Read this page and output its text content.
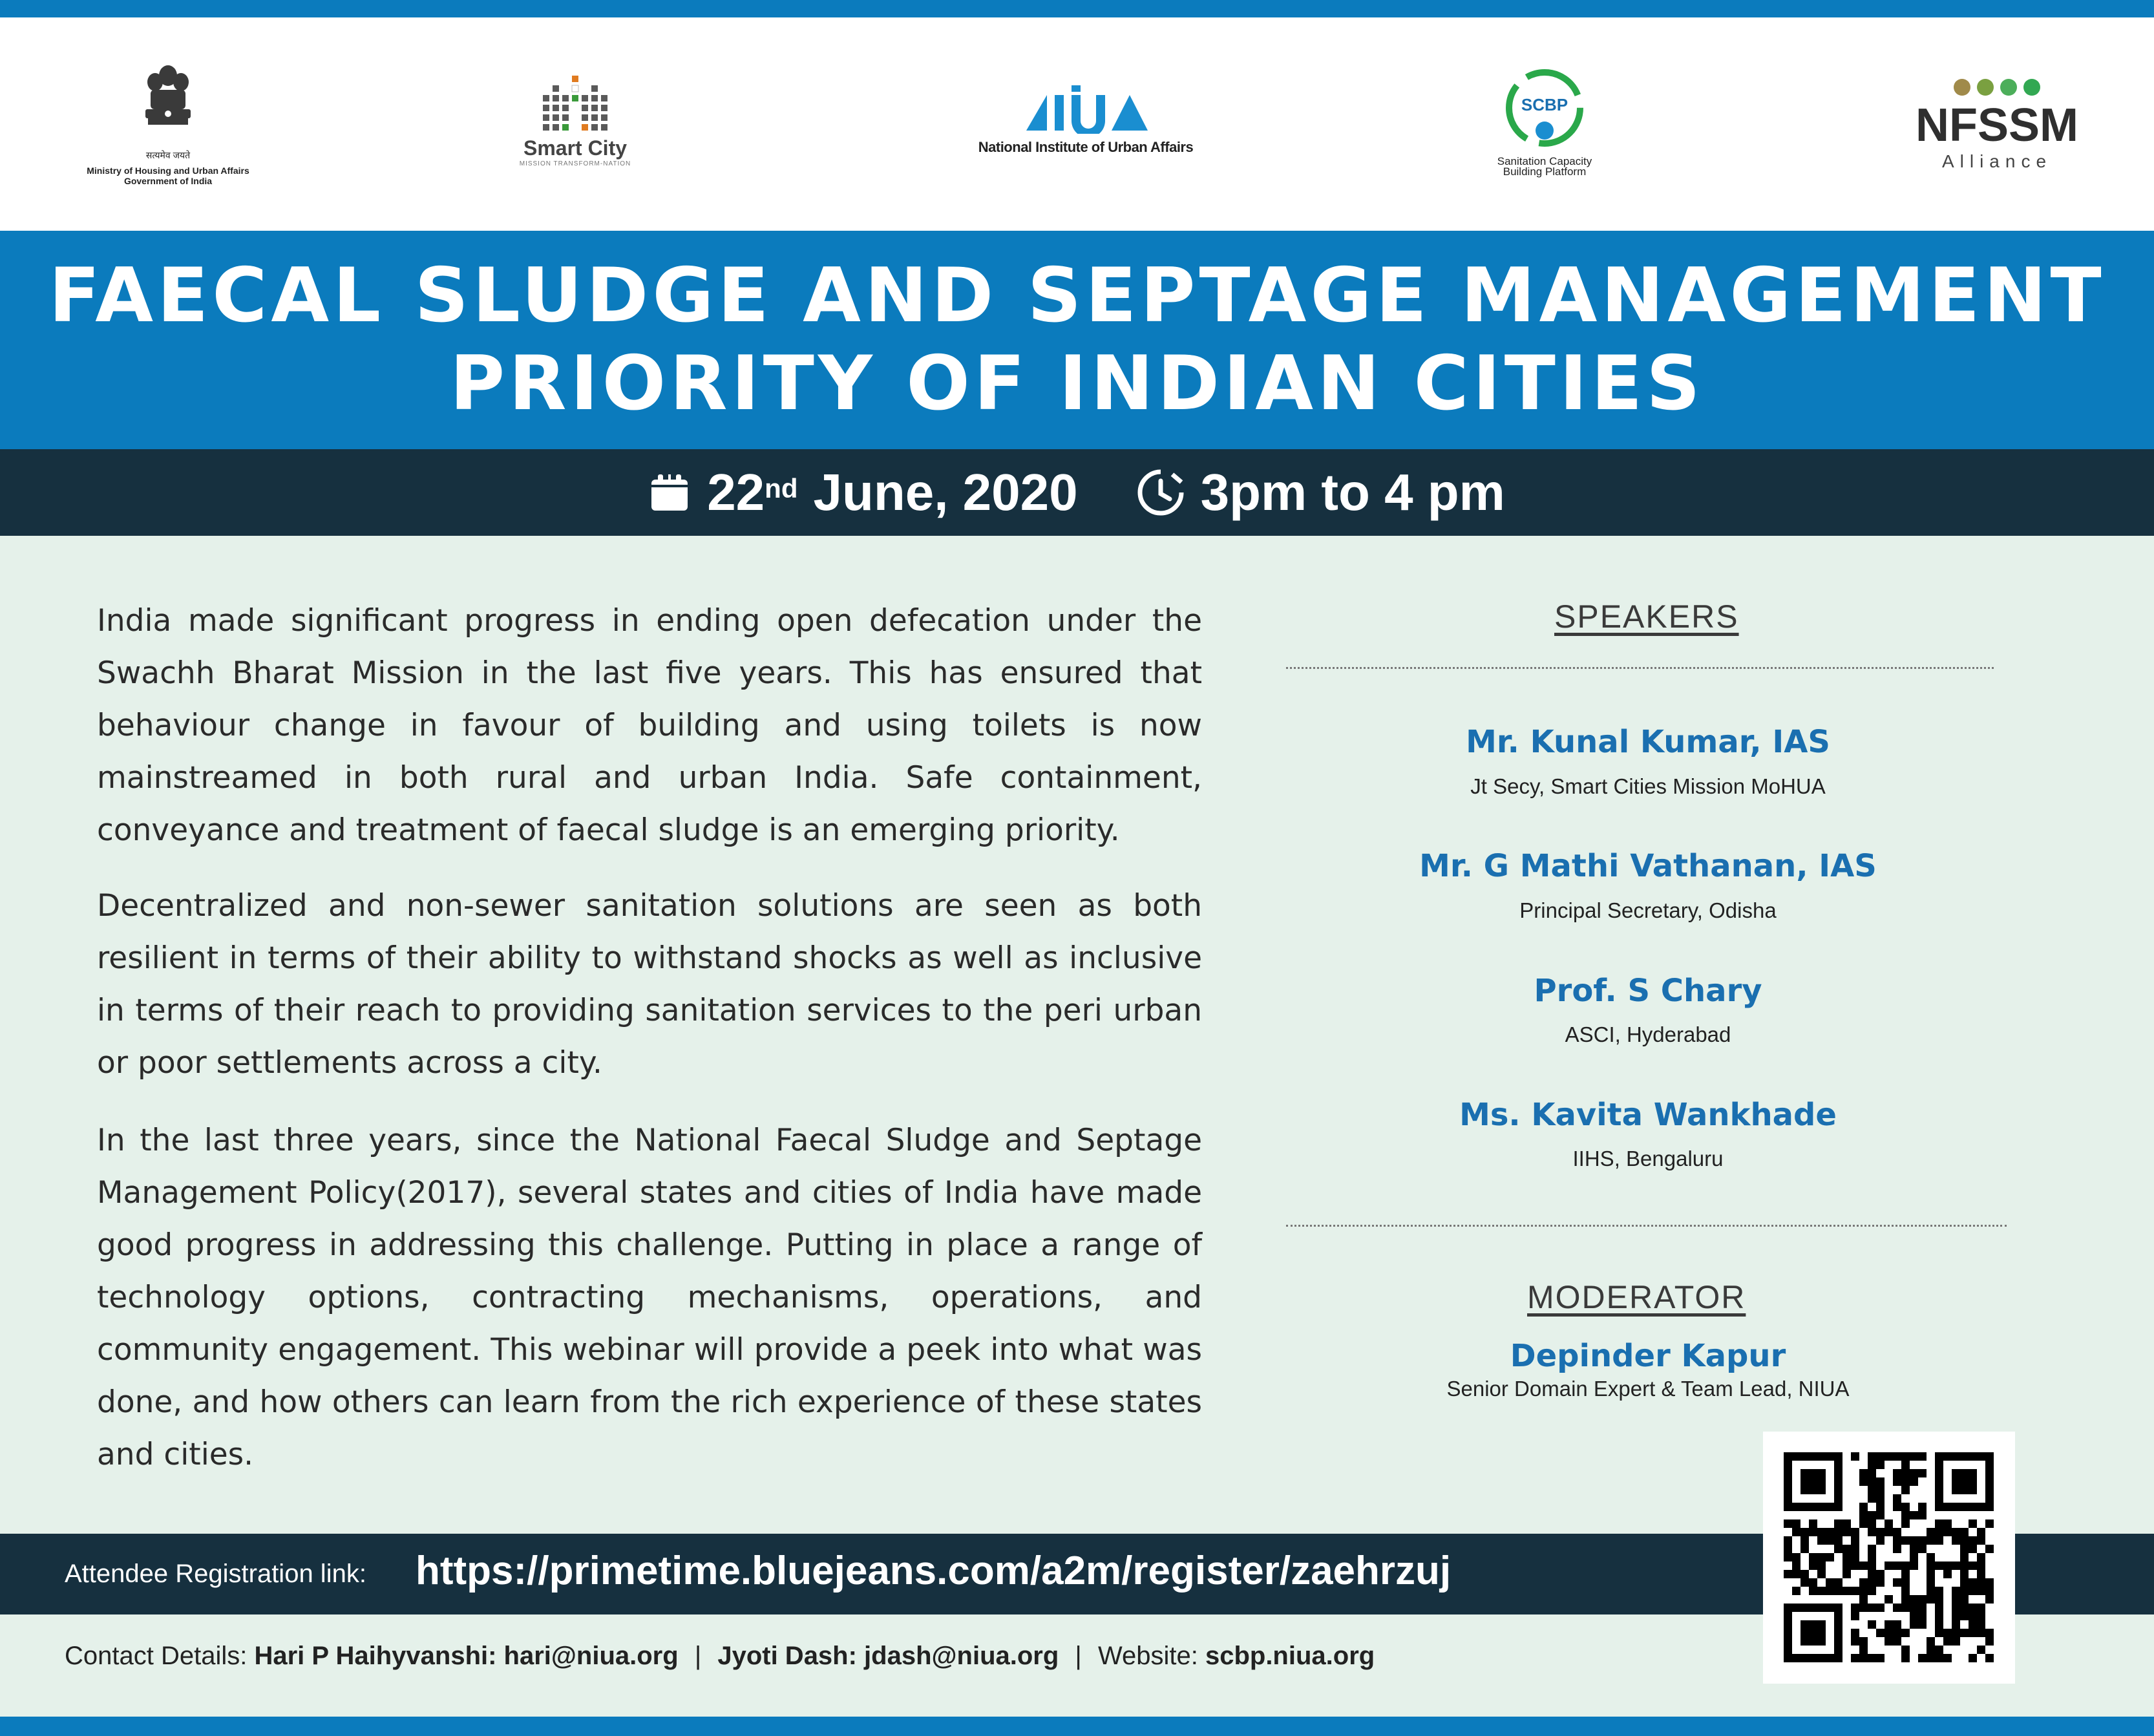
सत्यमेव जयते
Ministry of Housing and Urban Affairs
Government of India
Smart City
MISSION TRANSFORM-NATION
National Institute of Urban Affairs
SCBP
Sanitation Capacity
Building Platform
NFSSM
Alliance
FAECAL SLUDGE AND SEPTAGE MANAGEMENT
PRIORITY OF INDIAN CITIES
22nd June, 2020 3pm to 4 pm

India made significant progress in ending open defecation under the Swachh Bharat Mission in the last five years. This has ensured that behaviour change in favour of building and using toilets is now mainstreamed in both rural and urban India. Safe containment, conveyance and treatment of faecal sludge is an emerging priority.

Decentralized and non-sewer sanitation solutions are seen as both resilient in terms of their ability to withstand shocks as well as inclusive in terms of their reach to providing sanitation services to the peri urban or poor settlements across a city.

In the last three years, since the National Faecal Sludge and Septage Management Policy(2017), several states and cities of India have made good progress in addressing this challenge. Putting in place a range of technology options, contracting mechanisms, operations, and community engagement. This webinar will provide a peek into what was done, and how others can learn from the rich experience of these states and cities.

SPEAKERS
Mr. Kunal Kumar, IAS
Jt Secy, Smart Cities Mission MoHUA
Mr. G Mathi Vathanan, IAS
Principal Secretary, Odisha
Prof. S Chary
ASCI, Hyderabad
Ms. Kavita Wankhade
IIHS, Bengaluru
MODERATOR
Depinder Kapur
Senior Domain Expert & Team Lead, NIUA
Attendee Registration link: https://primetime.bluejeans.com/a2m/register/zaehrzuj
Contact Details: Hari P Haihyvanshi: hari@niua.org | Jyoti Dash: jdash@niua.org | Website: scbp.niua.org
